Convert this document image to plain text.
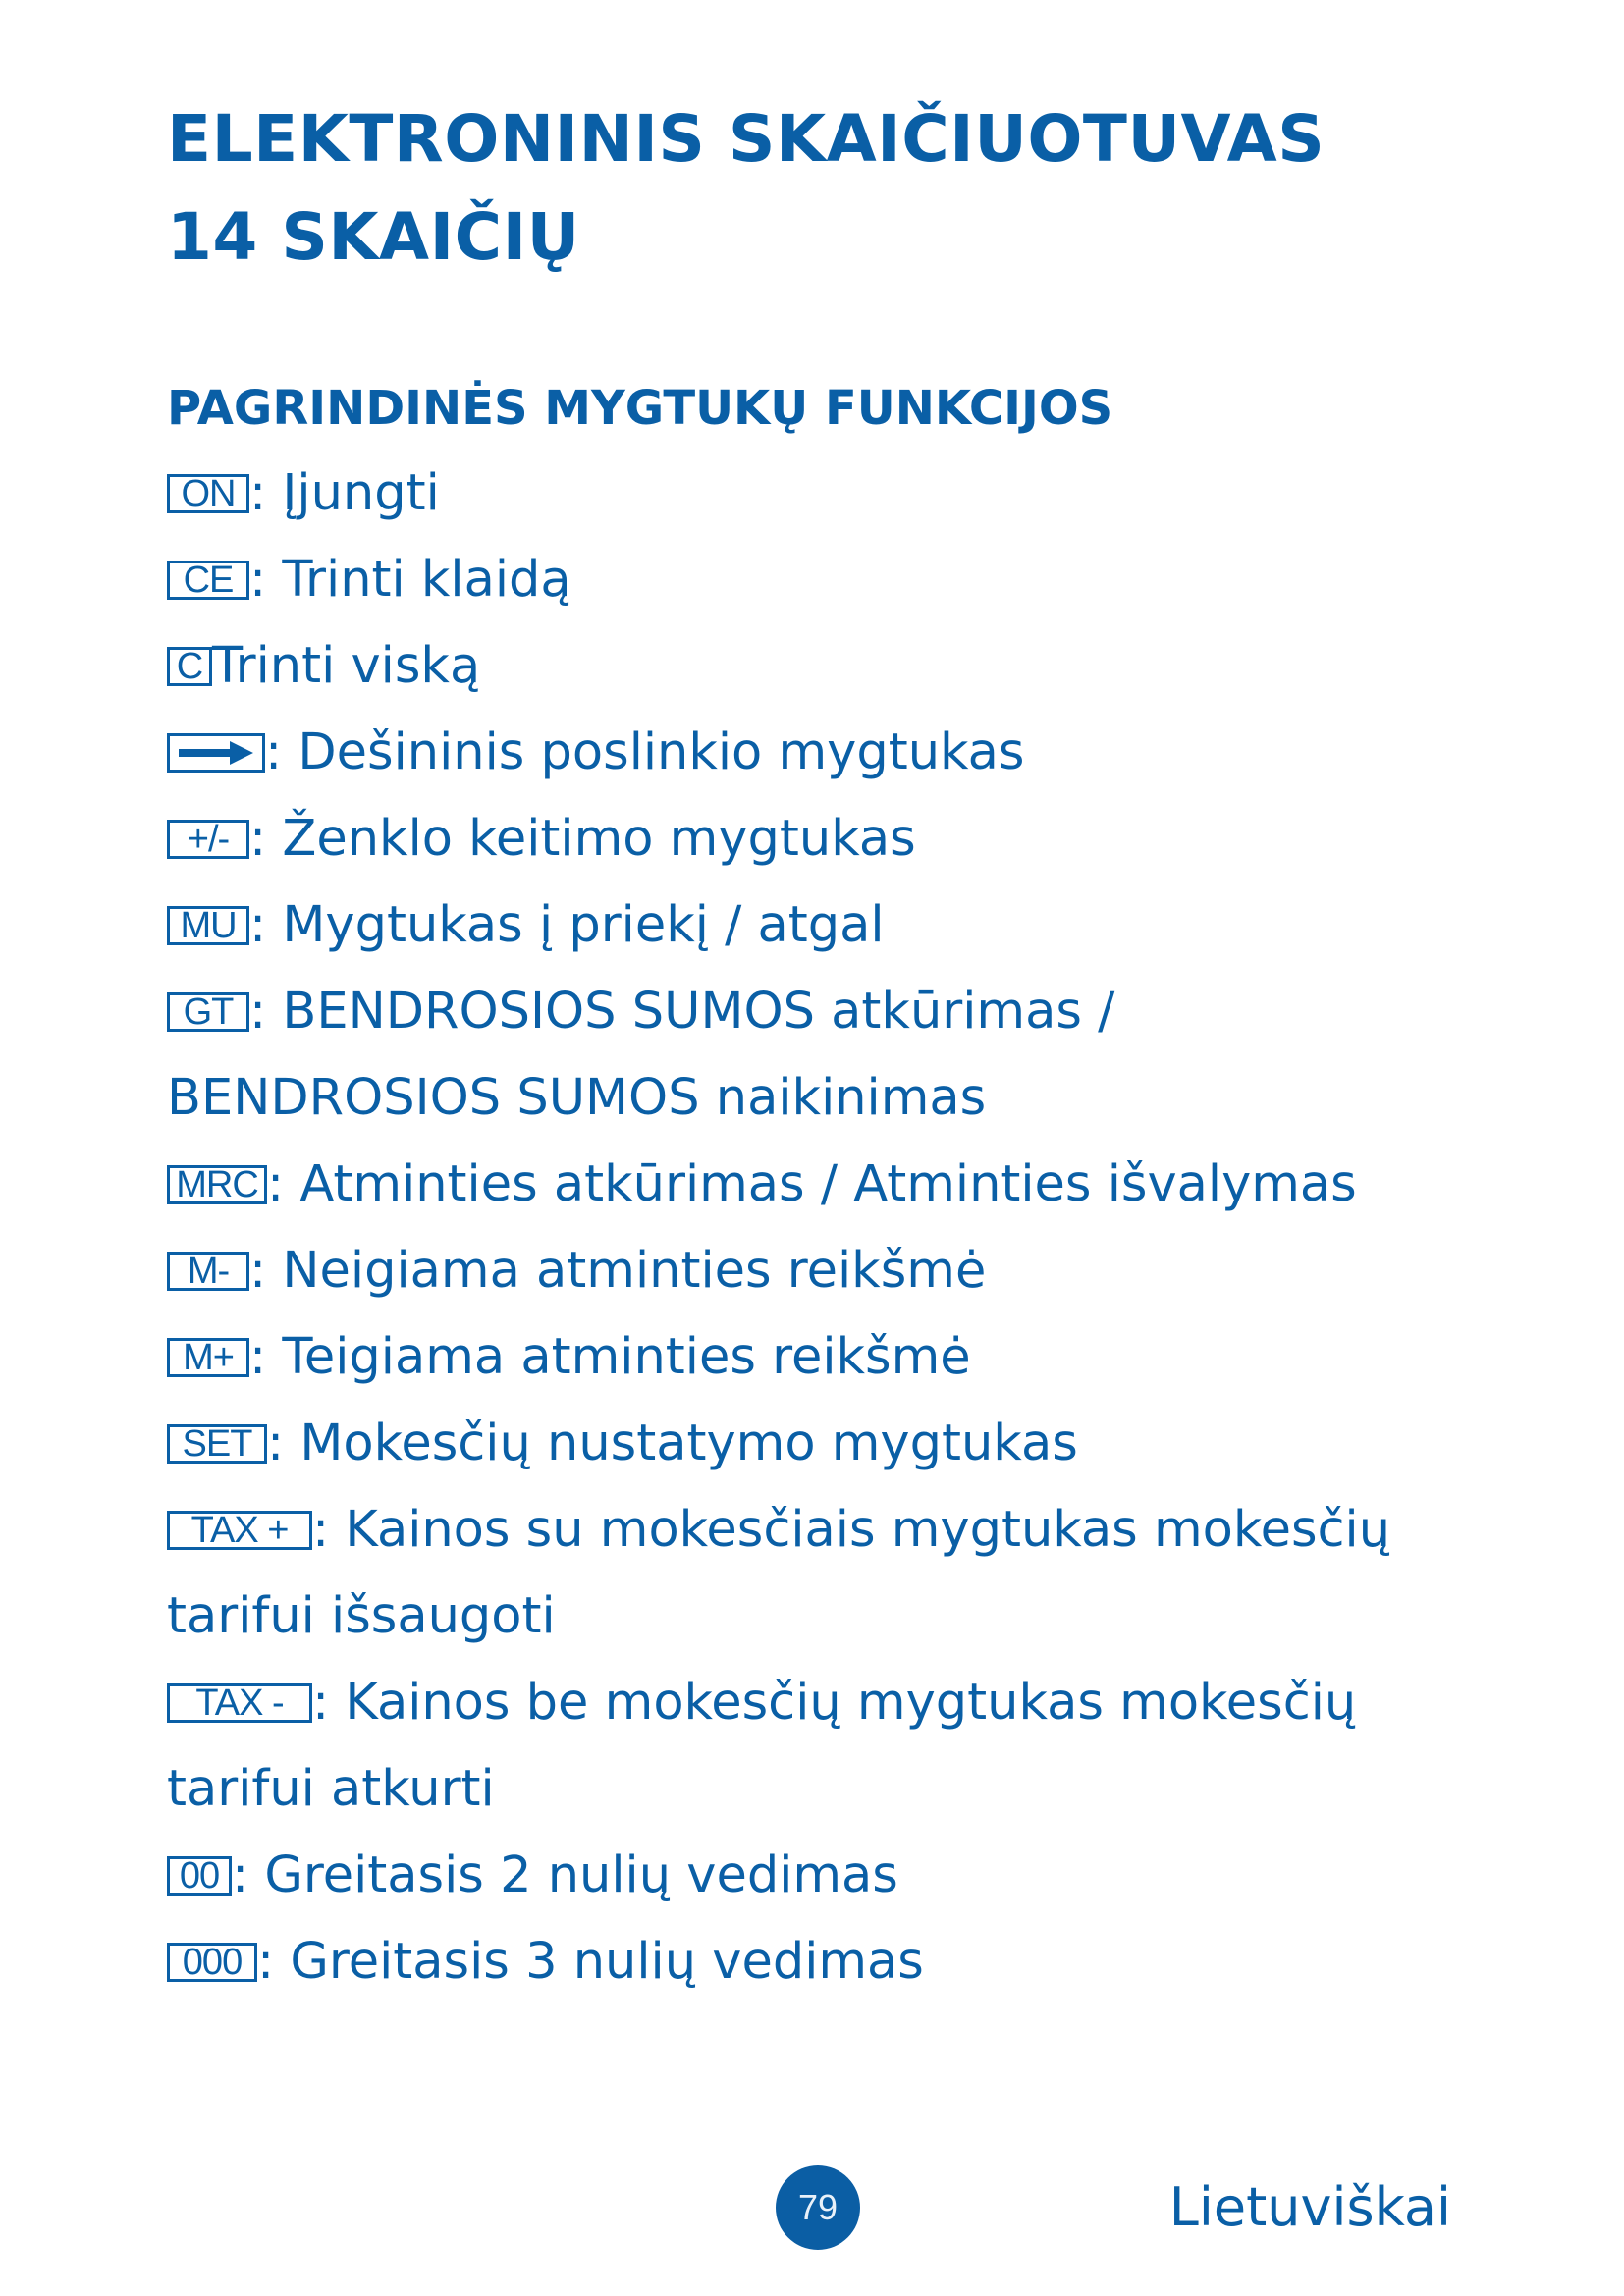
ELEKTRONINIS SKAIČIUOTUVAS
14 SKAIČIŲ
PAGRINDINĖS MYGTUKŲ FUNKCIJOS
ON : Įjungti
CE : Trinti klaidą
C Trinti viską
: Dešininis poslinkio mygtukas
+/- : Ženklo keitimo mygtukas
MU : Mygtukas į priekį / atgal
GT : BENDROSIOS SUMOS atkūrimas /
BENDROSIOS SUMOS naikinimas
MRC : Atminties atkūrimas / Atminties išvalymas
M- : Neigiama atminties reikšmė
M+ : Teigiama atminties reikšmė
SET : Mokesčių nustatymo mygtukas
TAX + : Kainos su mokesčiais mygtukas mokesčių
tarifui išsaugoti
TAX - : Kainos be mokesčių mygtukas mokesčių
tarifui atkurti
00 : Greitasis 2 nulių vedimas
000 : Greitasis 3 nulių vedimas
79	Lietuviškai
